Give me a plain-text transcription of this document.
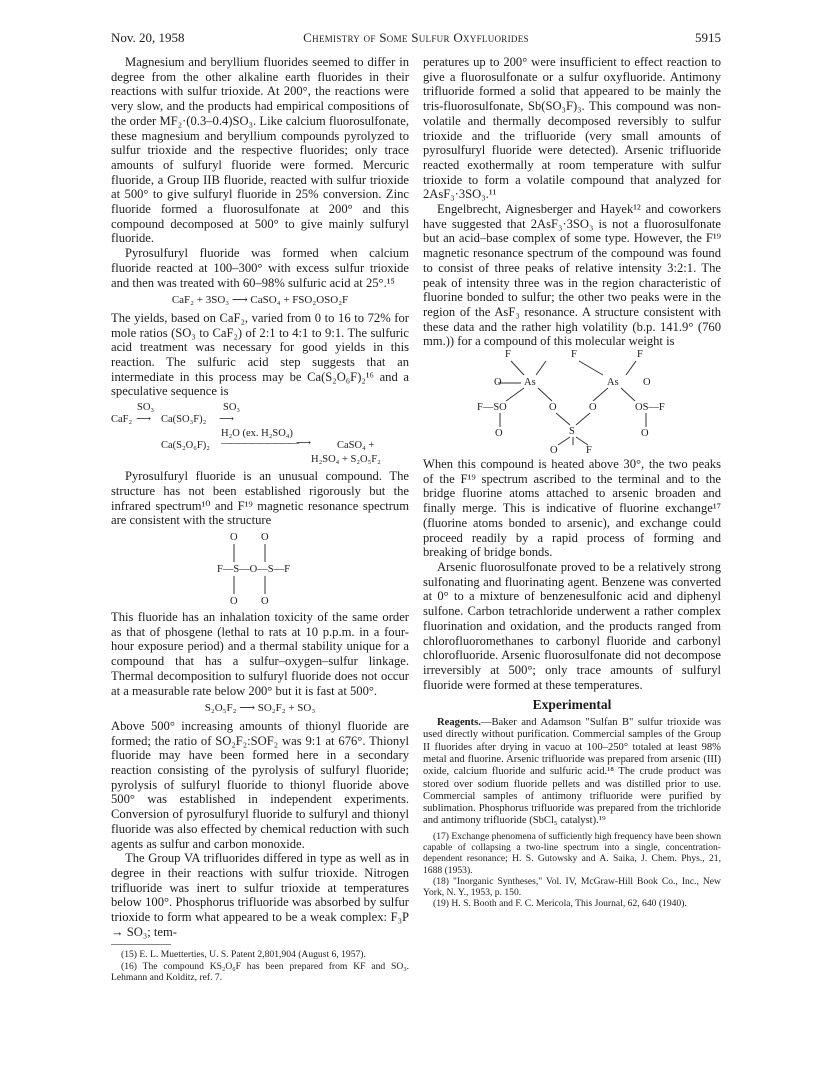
Nov. 20, 1958	Chemistry of Some Sulfur Oxyfluorides	5915

Magnesium and beryllium fluorides seemed to differ in degree from the other alkaline earth fluorides in their reactions with sulfur trioxide. At 200°, the reactions were very slow, and the products had empirical compositions of the order MF₂·(0.3–0.4)SO₃. Like calcium fluorosulfonate, these magnesium and beryllium compounds pyrolyzed to sulfur trioxide and the respective fluorides; only trace amounts of sulfuryl fluoride were formed. Mercuric fluoride, a Group IIB fluoride, reacted with sulfur trioxide at 500° to give sulfuryl fluoride in 25% conversion. Zinc fluoride formed a fluorosulfonate at 200° and this compound decomposed at 500° to give mainly sulfuryl fluoride.

Pyrosulfuryl fluoride was formed when calcium fluoride reacted at 100–300° with excess sulfur trioxide and then was treated with 60–98% sulfuric acid at 25°.¹⁵

CaF₂ + 3SO₃ ⟶ CaSO₄ + FSO₂OSO₂F

The yields, based on CaF₂, varied from 0 to 16 to 72% for mole ratios (SO₃ to CaF₂) of 2:1 to 4:1 to 9:1. The sulfuric acid treatment was necessary for good yields in this reaction. The sulfuric acid step suggests that an intermediate in this process may be Ca(S₂O₆F)₂¹⁶ and a speculative sequence is

SO₃	SO₃
CaF₂ ⟶ Ca(SO₃F)₂ ⟶
H₂O (ex. H₂SO₄)
Ca(S₂O₆F)₂ ——————————⟶	CaSO₄ +
H₂SO₄ + S₂O₅F₂

Pyrosulfuryl fluoride is an unusual compound. The structure has not been established rigorously but the infrared spectrum¹⁰ and F¹⁹ magnetic resonance spectrum are consistent with the structure

O O
F—S—O—S—F
O O

This fluoride has an inhalation toxicity of the same order as that of phosgene (lethal to rats at 10 p.p.m. in a four-hour exposure period) and a thermal stability unique for a compound that has a sulfur–oxygen–sulfur linkage. Thermal decomposition to sulfuryl fluoride does not occur at a measurable rate below 200° but it is fast at 500°.

S₂O₅F₂ ⟶ SO₂F₂ + SO₃

Above 500° increasing amounts of thionyl fluoride are formed; the ratio of SO₂F₂:SOF₂ was 9:1 at 676°. Thionyl fluoride may have been formed here in a secondary reaction consisting of the pyrolysis of sulfuryl fluoride; pyrolysis of sulfuryl fluoride to thionyl fluoride above 500° was established in independent experiments. Conversion of pyrosulfuryl fluoride to sulfuryl and thionyl fluoride was also effected by chemical reduction with such agents as sulfur and carbon monoxide.

The Group VA trifluorides differed in type as well as in degree in their reactions with sulfur trioxide. Nitrogen trifluoride was inert to sulfur trioxide at temperatures below 100°. Phosphorus trifluoride was absorbed by sulfur trioxide to form what appeared to be a weak complex: F₃P → SO₃; tem-

(15) E. L. Muetterties, U. S. Patent 2,801,904 (August 6, 1957).

(16) The compound KS₂O₆F has been prepared from KF and SO₃. Lehmann and Kolditz, ref. 7.

peratures up to 200° were insufficient to effect reaction to give a fluorosulfonate or a sulfur oxyfluoride. Antimony trifluoride formed a solid that appeared to be mainly the tris-fluorosulfonate, Sb(SO₃F)₃. This compound was non-volatile and thermally decomposed reversibly to sulfur trioxide and the trifluoride (very small amounts of pyrosulfuryl fluoride were detected). Arsenic trifluoride reacted exothermally at room temperature with sulfur trioxide to form a volatile compound that analyzed for 2AsF₃·3SO₃.¹¹

Engelbrecht, Aignesberger and Hayek¹² and coworkers have suggested that 2AsF₃·3SO₃ is not a fluorosulfonate but an acid–base complex of some type. However, the F¹⁹ magnetic resonance spectrum of the compound was found to consist of three peaks of relative intensity 3:2:1. The peak of intensity three was in the region characteristic of fluorine bonded to sulfur; the other two peaks were in the region of the AsF₃ resonance. A structure consistent with these data and the rather high volatility (b.p. 141.9° (760 mm.)) for a compound of this molecular weight is

F	F	F
O As	As O
F—SO	O	O	OS—F
S
O	O
O	F

When this compound is heated above 30°, the two peaks of the F¹⁹ spectrum ascribed to the terminal and to the bridge fluorine atoms attached to arsenic broaden and finally merge. This is indicative of fluorine exchange¹⁷ (fluorine atoms bonded to arsenic), and exchange could proceed readily by a rapid process of forming and breaking of bridge bonds.

Arsenic fluorosulfonate proved to be a relatively strong sulfonating and fluorinating agent. Benzene was converted at 0° to a mixture of benzenesulfonic acid and diphenyl sulfone. Carbon tetrachloride underwent a rather complex fluorination and oxidation, and the products ranged from chlorofluoromethanes to carbonyl fluoride and carbonyl chlorofluoride. Arsenic fluorosulfonate did not decompose irreversibly at 500°; only trace amounts of sulfuryl fluoride were formed at these temperatures.

Experimental

Reagents.—Baker and Adamson "Sulfan B" sulfur trioxide was used directly without purification. Commercial samples of the Group II fluorides after drying in vacuo at 100–250° totaled at least 98% metal and fluorine. Arsenic trifluoride was prepared from arsenic (III) oxide, calcium fluoride and sulfuric acid.¹⁸ The crude product was stored over sodium fluoride pellets and was distilled prior to use. Commercial samples of antimony trifluoride were purified by sublimation. Phosphorus trifluoride was prepared from the trichloride and antimony trifluoride (SbCl₅ catalyst).¹⁹

(17) Exchange phenomena of sufficiently high frequency have been shown capable of collapsing a two-line spectrum into a single, concentration-dependent resonance; H. S. Gutowsky and A. Saika, J. Chem. Phys., 21, 1688 (1953).

(18) "Inorganic Syntheses," Vol. IV, McGraw-Hill Book Co., Inc., New York, N. Y., 1953, p. 150.

(19) H. S. Booth and F. C. Mericola, This Journal, 62, 640 (1940).
